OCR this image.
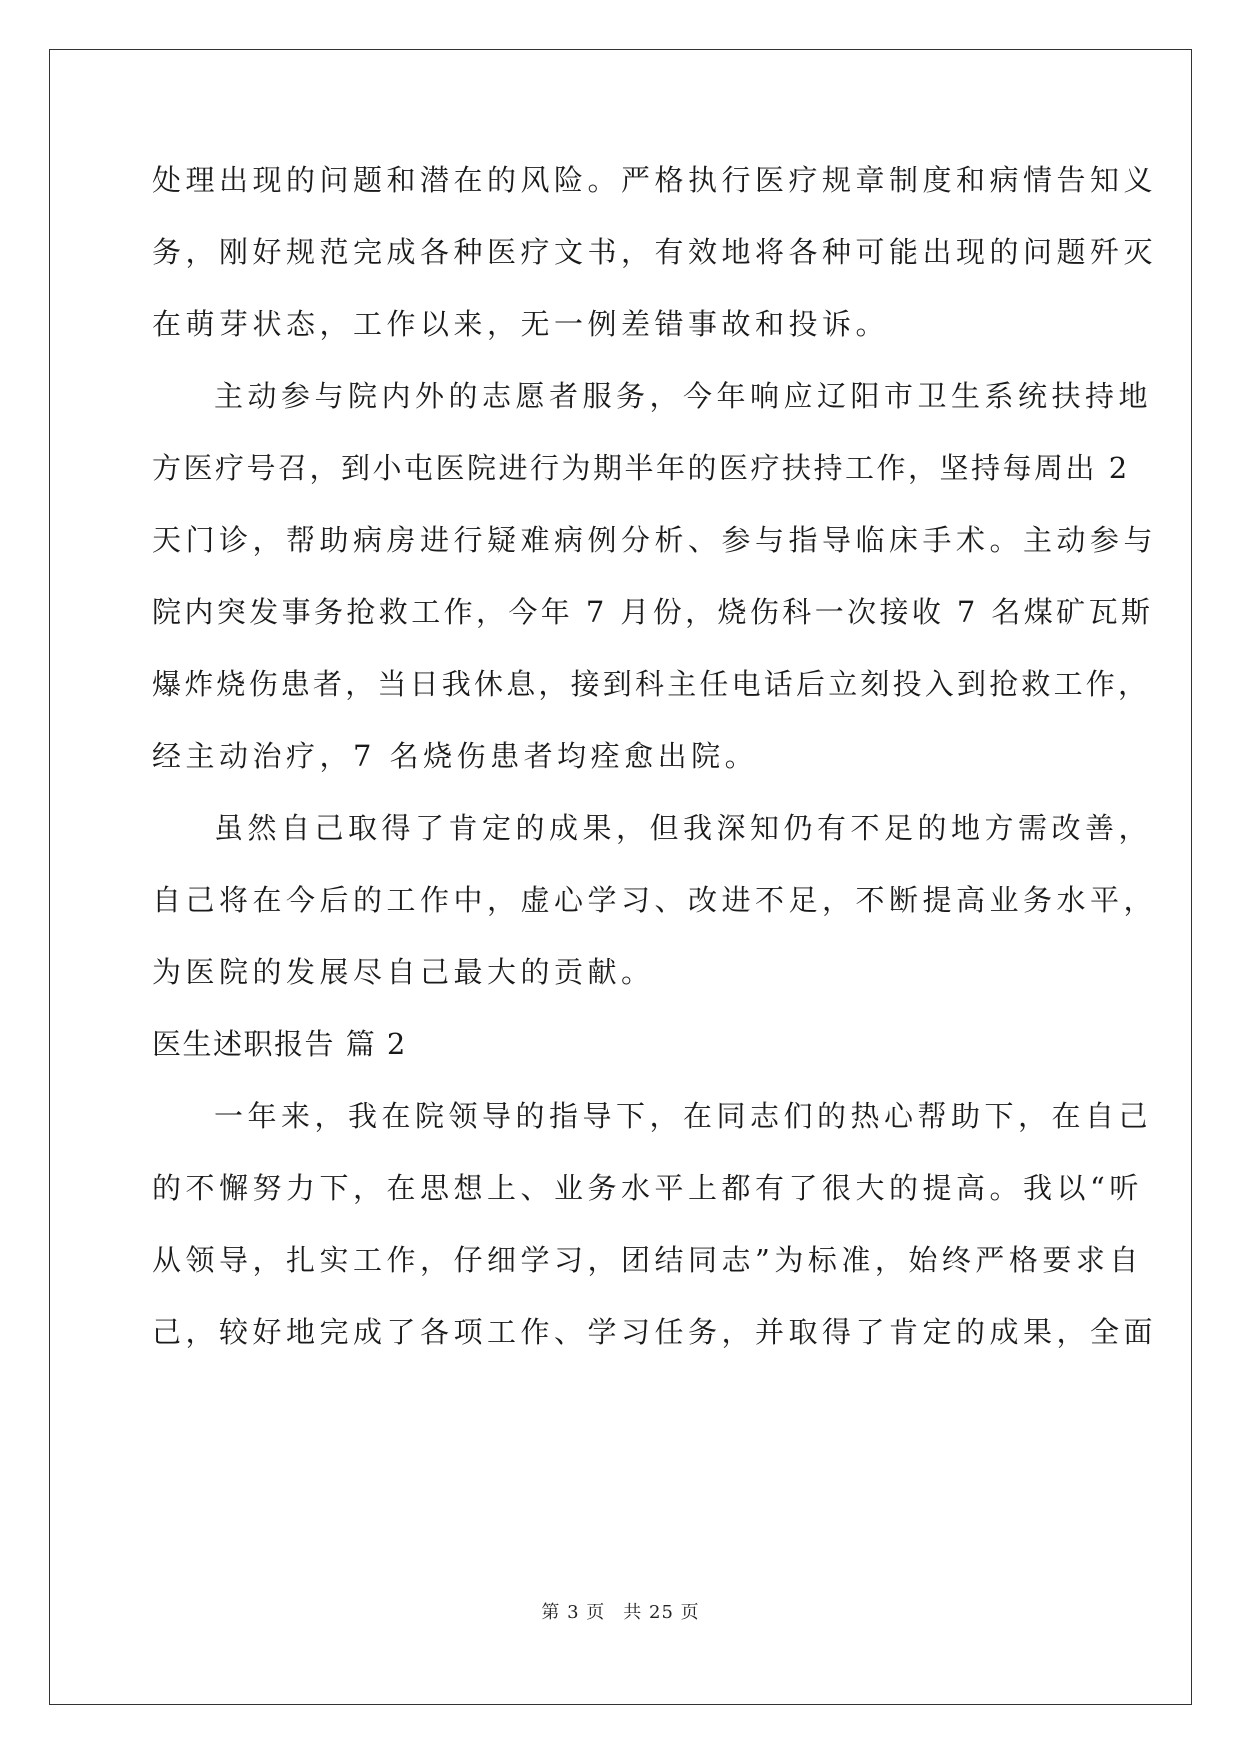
处理出现的问题和潜在的风险。严格执行医疗规章制度和病情告知义
务，刚好规范完成各种医疗文书，有效地将各种可能出现的问题歼灭
在萌芽状态，工作以来，无一例差错事故和投诉。
主动参与院内外的志愿者服务，今年响应辽阳市卫生系统扶持地
方医疗号召，到小屯医院进行为期半年的医疗扶持工作，坚持每周出 2
天门诊，帮助病房进行疑难病例分析、参与指导临床手术。主动参与
院内突发事务抢救工作，今年 7 月份，烧伤科一次接收 7 名煤矿瓦斯
爆炸烧伤患者，当日我休息，接到科主任电话后立刻投入到抢救工作，
经主动治疗，7 名烧伤患者均痊愈出院。
虽然自己取得了肯定的成果，但我深知仍有不足的地方需改善，
自己将在今后的工作中，虚心学习、改进不足，不断提高业务水平，
为医院的发展尽自己最大的贡献。
医生述职报告 篇 2
一年来，我在院领导的指导下，在同志们的热心帮助下，在自己
的不懈努力下，在思想上、业务水平上都有了很大的提高。我以“听
从领导，扎实工作，仔细学习，团结同志”为标准，始终严格要求自
己，较好地完成了各项工作、学习任务，并取得了肯定的成果，全面
第 3 页 共 25 页
